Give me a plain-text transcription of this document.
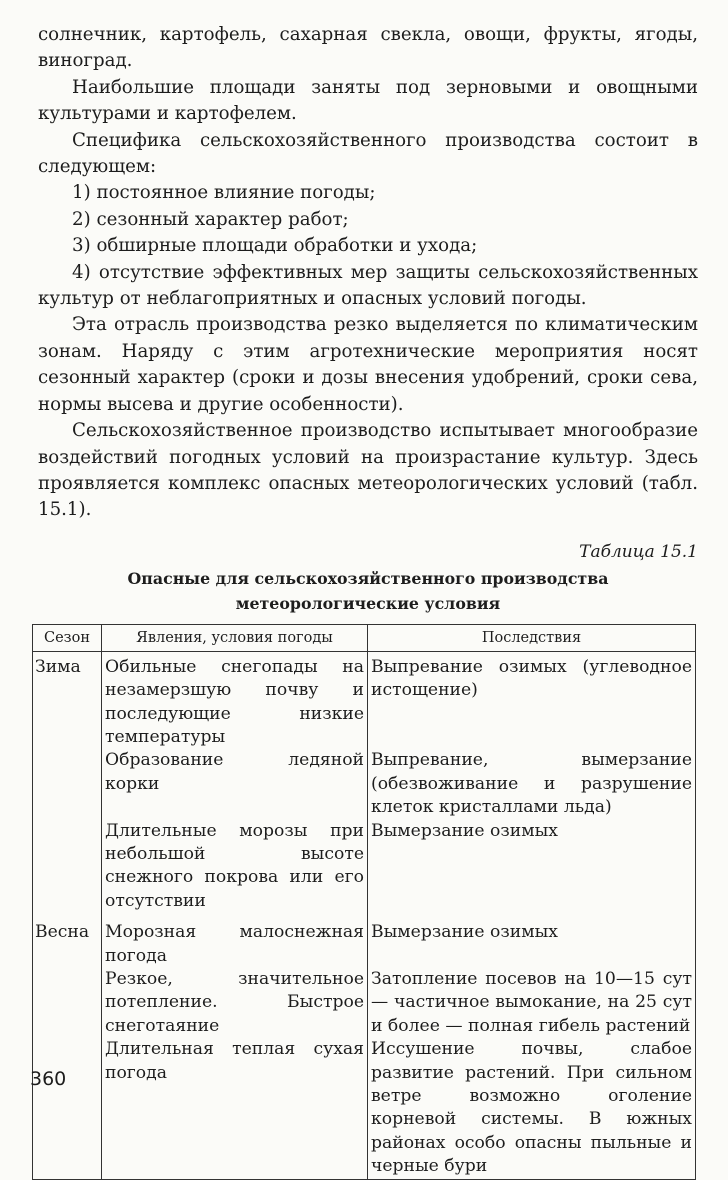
солнечник, картофель, сахарная свекла, овощи, фрукты, ягоды, виноград.

Наибольшие площади заняты под зерновыми и овощными культурами и картофелем.

Специфика сельскохозяйственного производства состоит в следующем:

1) постоянное влияние погоды;

2) сезонный характер работ;

3) обширные площади обработки и ухода;

4) отсутствие эффективных мер защиты сельскохозяйственных культур от неблагоприятных и опасных условий погоды.

Эта отрасль производства резко выделяется по климатическим зонам. Наряду с этим агротехнические мероприятия носят сезонный характер (сроки и дозы внесения удобрений, сроки сева, нормы высева и другие особенности).

Сельскохозяйственное производство испытывает многообразие воздействий погодных условий на произрастание культур. Здесь проявляется комплекс опасных метеорологических условий (табл. 15.1).

Таблица 15.1
Опасные для сельскохозяйственного производства метеорологические условия
Сезон	Явления, условия погоды	Последствия
Зима	Обильные снегопады на незамерзшую почву и последующие низкие температуры	Выпревание озимых (углеводное истощение)

	Образование ледяной корки	Выпревание, вымерзание (обезвоживание и разрушение клеток кристаллами льда)

	Длительные морозы при небольшой высоте снежного покрова или его отсутствии	Вымерзание озимых

Весна	Морозная малоснежная погода	Вымерзание озимых

	Резкое, значительное потепление. Быстрое снеготаяние	Затопление посевов на 10—15 сут — частичное вымокание, на 25 сут и более — полная гибель растений

	Длительная теплая сухая погода	Иссушение почвы, слабое развитие растений. При сильном ветре возможно оголение корневой системы. В южных районах особо опасны пыльные и черные бури
360
